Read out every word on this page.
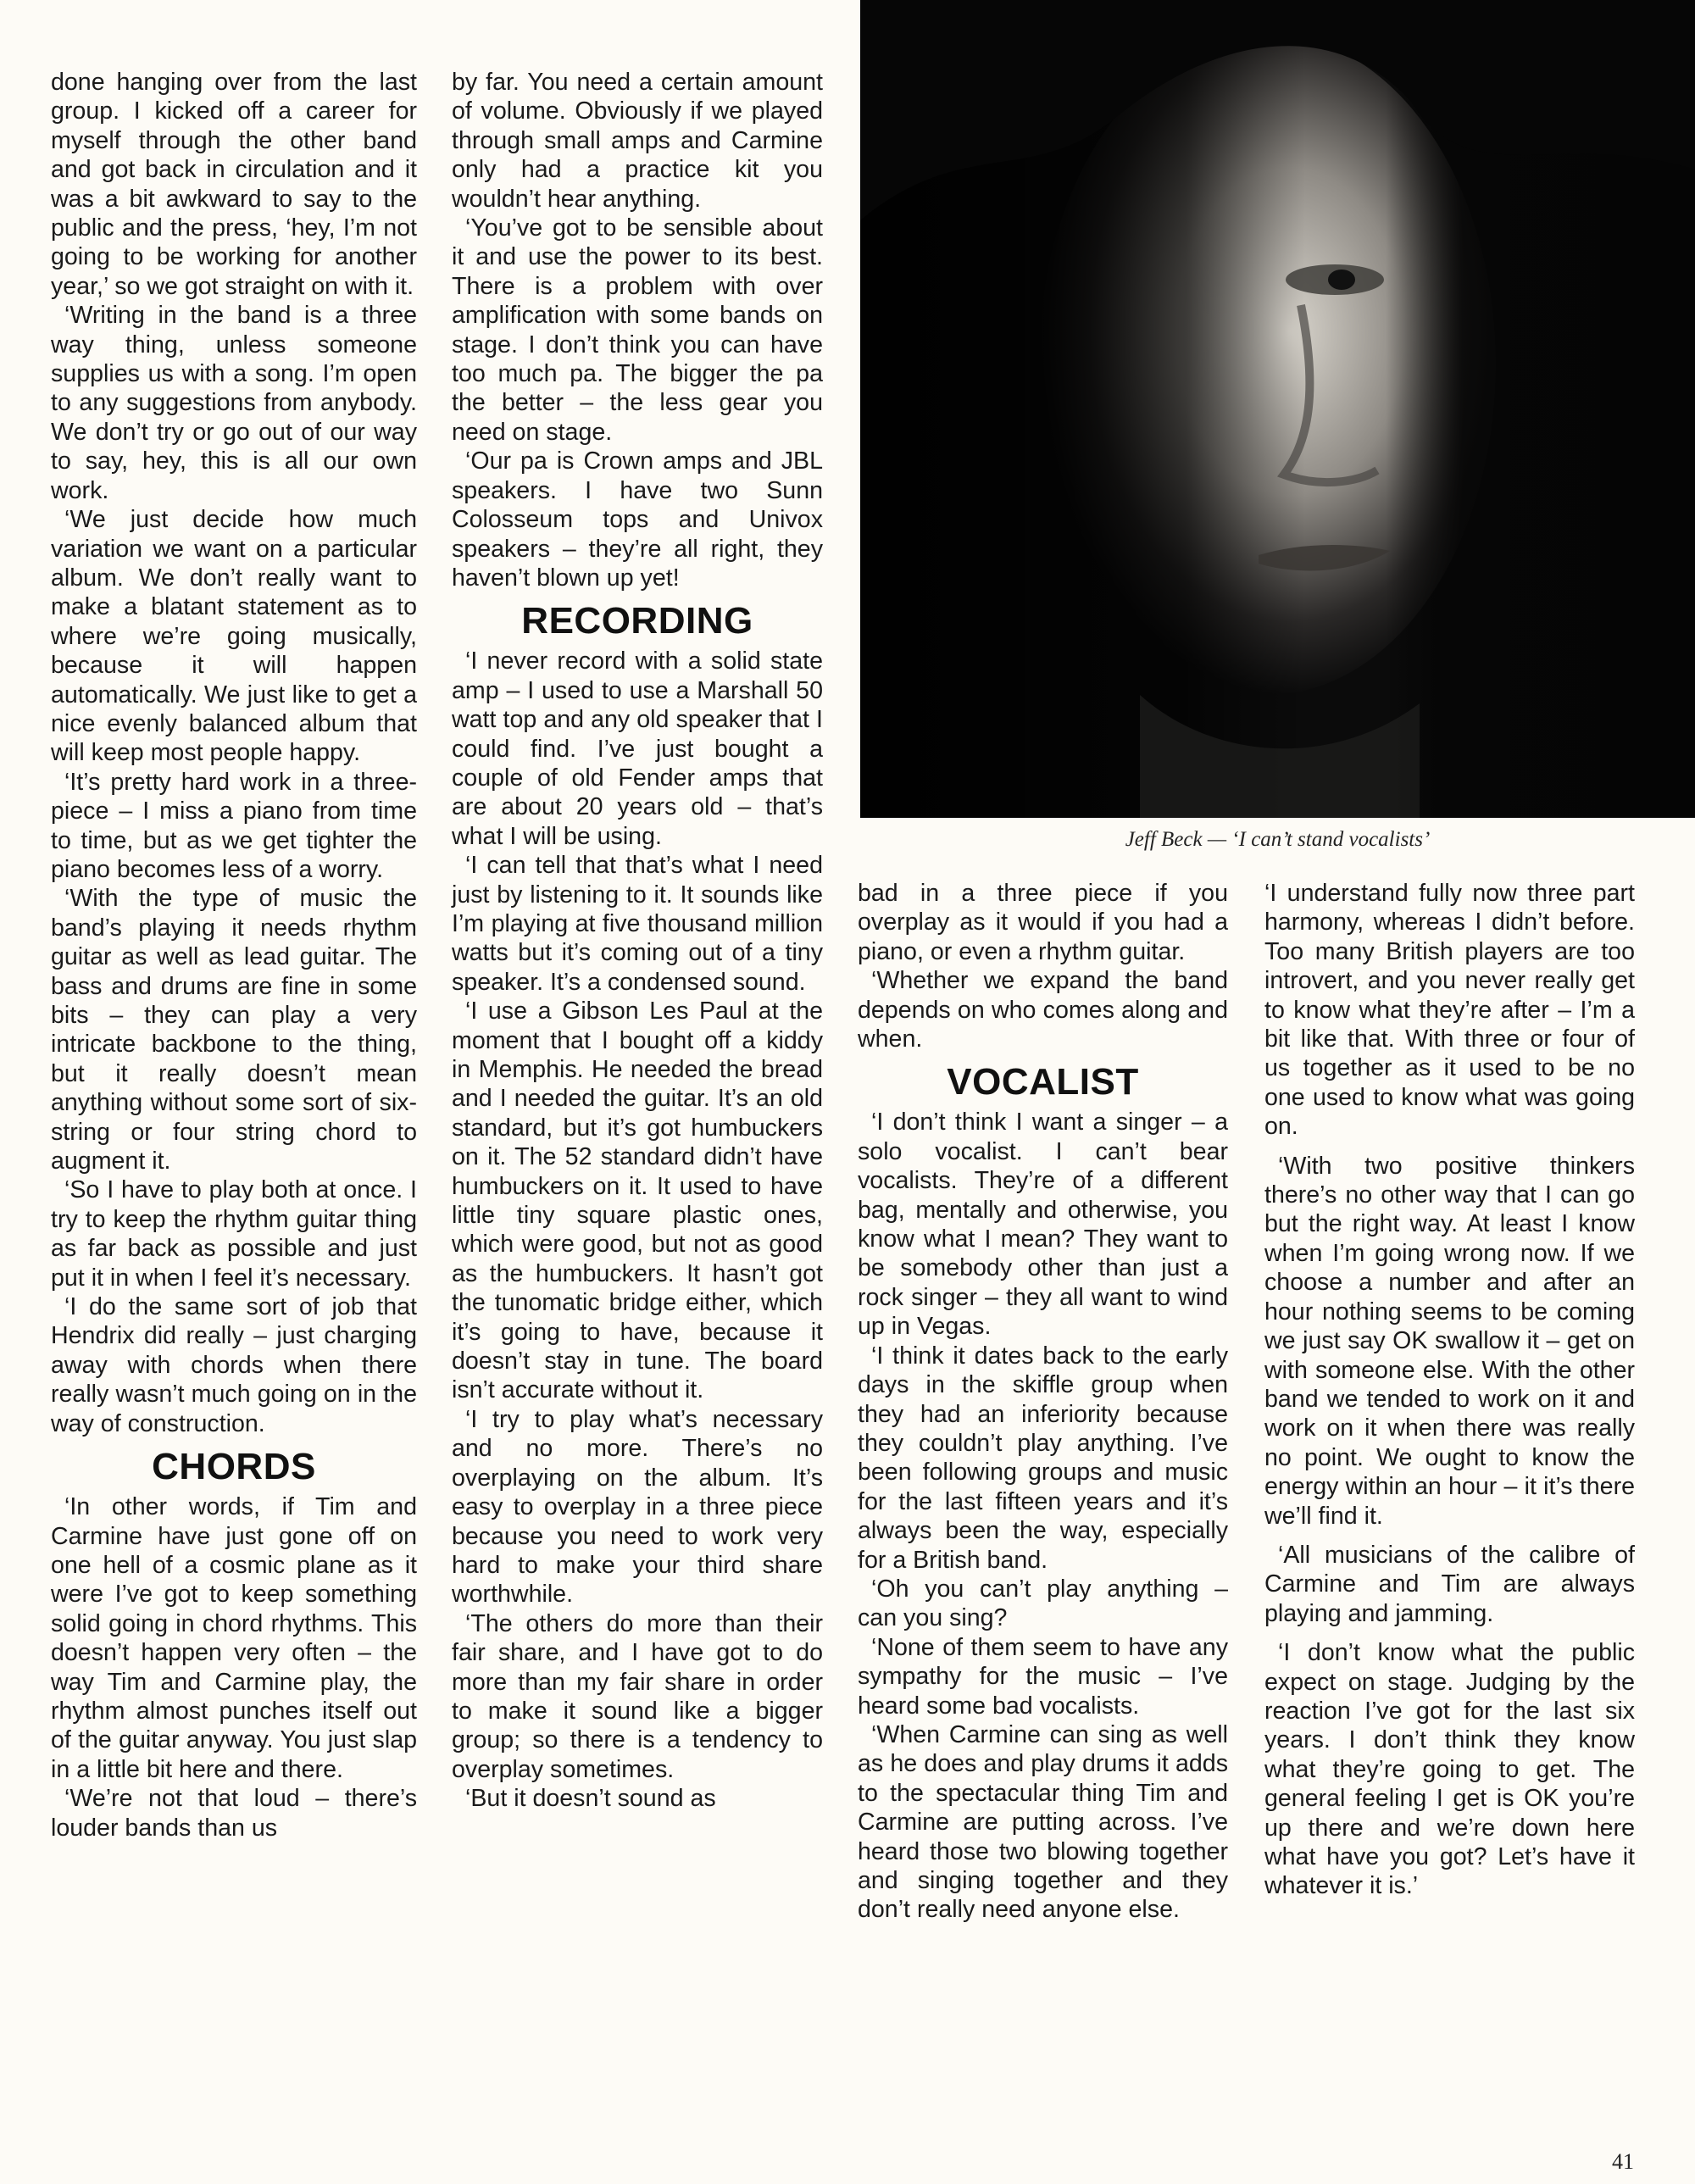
done hanging over from the last group. I kicked off a career for myself through the other band and got back in circulation and it was a bit awkward to say to the public and the press, ‘hey, I’m not going to be working for another year,’ so we got straight on with it.

‘Writing in the band is a three way thing, unless someone supplies us with a song. I’m open to any suggestions from anybody. We don’t try or go out of our way to say, hey, this is all our own work.

‘We just decide how much variation we want on a particular album. We don’t really want to make a blatant statement as to where we’re going musically, because it will happen automatically. We just like to get a nice evenly balanced album that will keep most people happy.

‘It’s pretty hard work in a three-piece – I miss a piano from time to time, but as we get tighter the piano becomes less of a worry.

‘With the type of music the band’s playing it needs rhythm guitar as well as lead guitar. The bass and drums are fine in some bits – they can play a very intricate backbone to the thing, but it really doesn’t mean anything without some sort of six-string or four string chord to augment it.

‘So I have to play both at once. I try to keep the rhythm guitar thing as far back as possible and just put it in when I feel it’s necessary.

‘I do the same sort of job that Hendrix did really – just charging away with chords when there really wasn’t much going on in the way of construction.

CHORDS

‘In other words, if Tim and Carmine have just gone off on one hell of a cosmic plane as it were I’ve got to keep something solid going in chord rhythms. This doesn’t happen very often – the way Tim and Carmine play, the rhythm almost punches itself out of the guitar anyway. You just slap in a little bit here and there.

‘We’re not that loud – there’s louder bands than us

by far. You need a certain amount of volume. Obviously if we played through small amps and Carmine only had a practice kit you wouldn’t hear anything.

‘You’ve got to be sensible about it and use the power to its best. There is a problem with over amplification with some bands on stage. I don’t think you can have too much pa. The bigger the pa the better – the less gear you need on stage.

‘Our pa is Crown amps and JBL speakers. I have two Sunn Colosseum tops and Univox speakers – they’re all right, they haven’t blown up yet!

RECORDING

‘I never record with a solid state amp – I used to use a Marshall 50 watt top and any old speaker that I could find. I’ve just bought a couple of old Fender amps that are about 20 years old – that’s what I will be using.

‘I can tell that that’s what I need just by listening to it. It sounds like I’m playing at five thousand million watts but it’s coming out of a tiny speaker. It’s a condensed sound.

‘I use a Gibson Les Paul at the moment that I bought off a kiddy in Memphis. He needed the bread and I needed the guitar. It’s an old standard, but it’s got humbuckers on it. The 52 standard didn’t have humbuckers on it. It used to have little tiny square plastic ones, which were good, but not as good as the humbuckers. It hasn’t got the tunomatic bridge either, which it’s going to have, because it doesn’t stay in tune. The board isn’t accurate without it.

‘I try to play what’s necessary and no more. There’s no overplaying on the album. It’s easy to overplay in a three piece because you need to work very hard to make your third share worthwhile.

‘The others do more than their fair share, and I have got to do more than my fair share in order to make it sound like a bigger group; so there is a tendency to overplay sometimes.

‘But it doesn’t sound as

Jeff Beck — ‘I can’t stand vocalists’

bad in a three piece if you overplay as it would if you had a piano, or even a rhythm guitar.

‘Whether we expand the band depends on who comes along and when.

VOCALIST

‘I don’t think I want a singer – a solo vocalist. I can’t bear vocalists. They’re of a different bag, mentally and otherwise, you know what I mean? They want to be somebody other than just a rock singer – they all want to wind up in Vegas.

‘I think it dates back to the early days in the skiffle group when they had an inferiority because they couldn’t play anything. I’ve been following groups and music for the last fifteen years and it’s always been the way, especially for a British band.

‘Oh you can’t play anything – can you sing?

‘None of them seem to have any sympathy for the music – I’ve heard some bad vocalists.

‘When Carmine can sing as well as he does and play drums it adds to the spectacular thing Tim and Carmine are putting across. I’ve heard those two blowing together and singing together and they don’t really need anyone else.

‘I understand fully now three part harmony, whereas I didn’t before. Too many British players are too introvert, and you never really get to know what they’re after – I’m a bit like that. With three or four of us together as it used to be no one used to know what was going on.

‘With two positive thinkers there’s no other way that I can go but the right way. At least I know when I’m going wrong now. If we choose a number and after an hour nothing seems to be coming we just say OK swallow it – get on with someone else. With the other band we tended to work on it and work on it when there was really no point. We ought to know the energy within an hour – it it’s there we’ll find it.

‘All musicians of the calibre of Carmine and Tim are always playing and jamming.

‘I don’t know what the public expect on stage. Judging by the reaction I’ve got for the last six years. I don’t think they know what they’re going to get. The general feeling I get is OK you’re up there and we’re down here what have you got? Let’s have it whatever it is.’

41
